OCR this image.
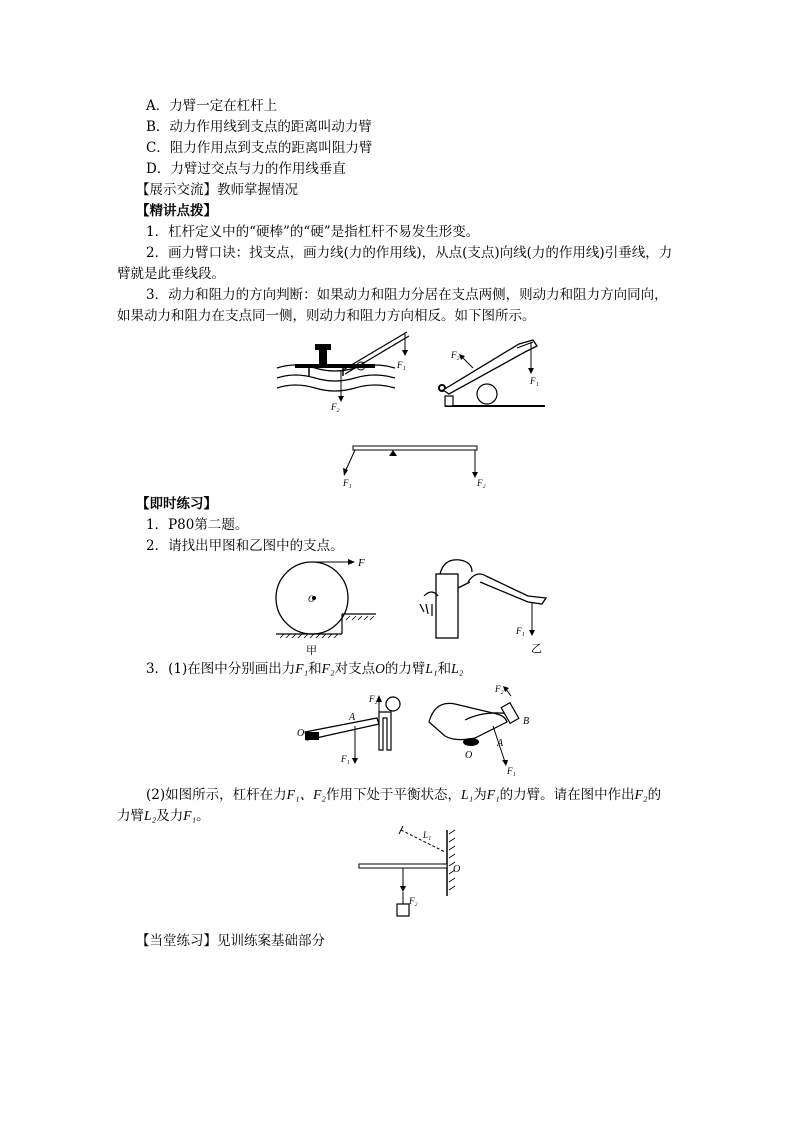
A．力臂一定在杠杆上
B．动力作用线到支点的距离叫动力臂
C．阻力作用点到支点的距离叫阻力臂
D．力臂过交点与力的作用线垂直
【展示交流】教师掌握情况
【精讲点拨】
1．杠杆定义中的“硬棒”的“硬”是指杠杆不易发生形变。
2．画力臂口诀：找支点，画力线(力的作用线)，从点(支点)向线(力的作用线)引垂线，力
臂就是此垂线段。
3．动力和阻力的方向判断：如果动力和阻力分居在支点两侧，则动力和阻力方向同向，
如果动力和阻力在支点同一侧，则动力和阻力方向相反。如下图所示。
F₁
F₂
F₁
F₂
F₁	F₂
【即时练习】
1．P80第二题。
2．请找出甲图和乙图中的支点。
O
F
甲
F₁
乙
3．(1)在图中分别画出力F₁和F₂对支点O的力臂L₁和L₂
F₂
F₁
A
O
F₂
B
A
O
F₁
(2)如图所示，杠杆在力F₁、F₂作用下处于平衡状态，L₁为F₁的力臂。请在图中作出F₂的
力臂L₂及力F₁。
L₁
O
F₂
【当堂练习】见训练案基础部分
